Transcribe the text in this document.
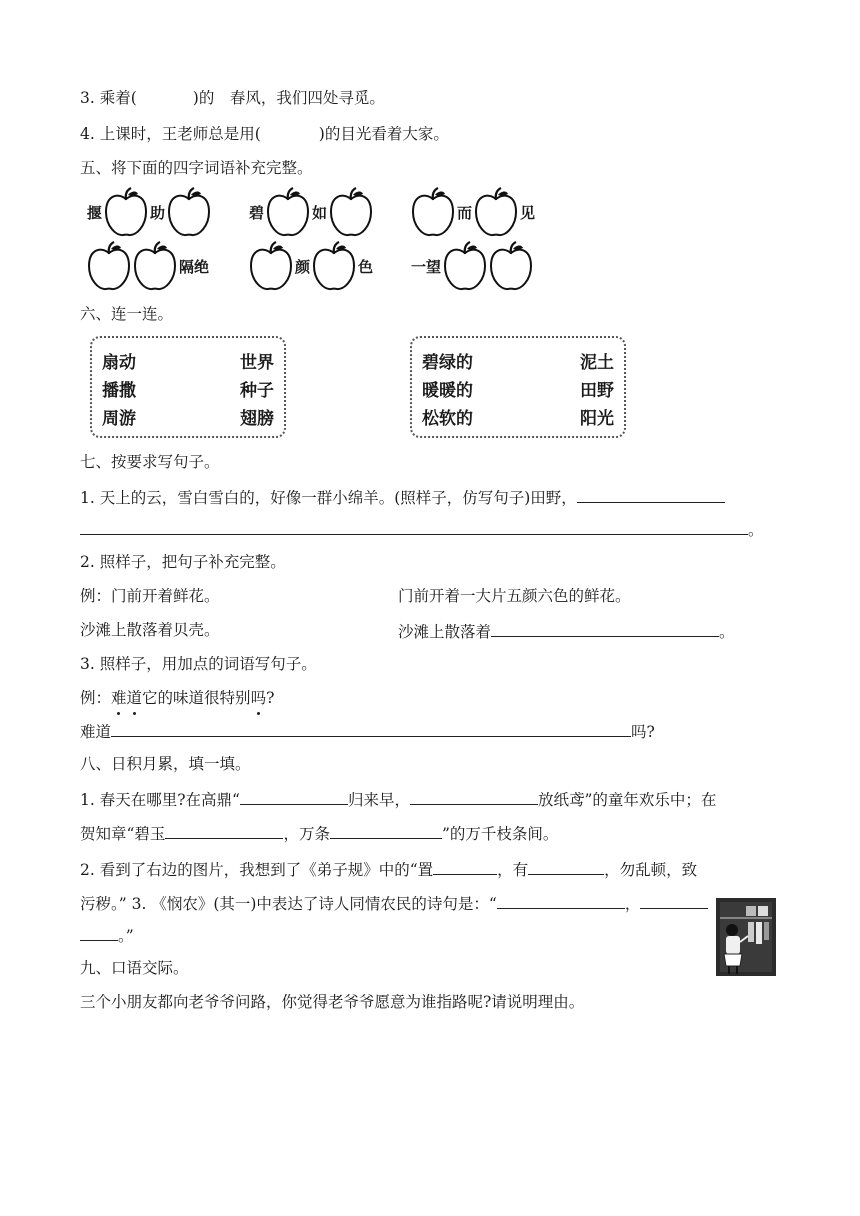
3. 乘着(	)的　春风，我们四处寻觅。
4. 上课时，王老师总是用(	)的目光看着大家。
五、将下面的四字词语补充完整。
揠	助	碧	如	而	见
隔绝	颜	色	一望
六、连一连。
扇动	世界
播撒	种子
周游	翅膀
碧绿的	泥土
暖暖的	田野
松软的	阳光
七、按要求写句子。
1. 天上的云，雪白雪白的，好像一群小绵羊。(照样子，仿写句子)田野，
。
2. 照样子，把句子补充完整。
例：门前开着鲜花。	门前开着一大片五颜六色的鲜花。
沙滩上散落着贝壳。	沙滩上散落着	。
3. 照样子，用加点的词语写句子。
例：难道它的味道很特别吗?
难道	吗?
八、日积月累，填一填。
1. 春天在哪里?在高鼎“	归来早，	放纸鸢”的童年欢乐中；在
贺知章“碧玉	，万条	”的万千枝条间。
2. 看到了右边的图片，我想到了《弟子规》中的“置	，有	，勿乱顿，致
污秽。” 3. 《悯农》(其一)中表达了诗人同情农民的诗句是：“	，
。”
九、口语交际。
三个小朋友都向老爷爷问路，你觉得老爷爷愿意为谁指路呢?请说明理由。
